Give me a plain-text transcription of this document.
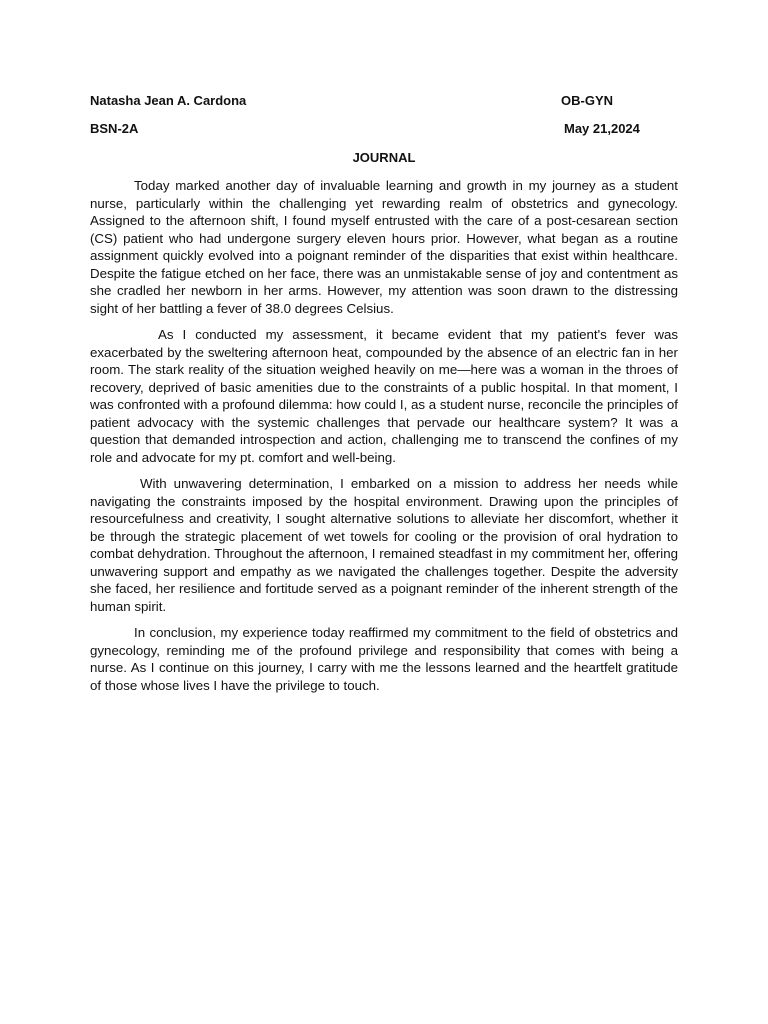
Natasha Jean A. Cardona	OB-GYN
BSN-2A	May 21,2024
JOURNAL

Today marked another day of invaluable learning and growth in my journey as a student nurse, particularly within the challenging yet rewarding realm of obstetrics and gynecology. Assigned to the afternoon shift, I found myself entrusted with the care of a post-cesarean section (CS) patient who had undergone surgery eleven hours prior. However, what began as a routine assignment quickly evolved into a poignant reminder of the disparities that exist within healthcare. Despite the fatigue etched on her face, there was an unmistakable sense of joy and contentment as she cradled her newborn in her arms. However, my attention was soon drawn to the distressing sight of her battling a fever of 38.0 degrees Celsius.

As I conducted my assessment, it became evident that my patient's fever was exacerbated by the sweltering afternoon heat, compounded by the absence of an electric fan in her room. The stark reality of the situation weighed heavily on me—here was a woman in the throes of recovery, deprived of basic amenities due to the constraints of a public hospital. In that moment, I was confronted with a profound dilemma: how could I, as a student nurse, reconcile the principles of patient advocacy with the systemic challenges that pervade our healthcare system? It was a question that demanded introspection and action, challenging me to transcend the confines of my role and advocate for my pt. comfort and well-being.

With unwavering determination, I embarked on a mission to address her needs while navigating the constraints imposed by the hospital environment. Drawing upon the principles of resourcefulness and creativity, I sought alternative solutions to alleviate her discomfort, whether it be through the strategic placement of wet towels for cooling or the provision of oral hydration to combat dehydration. Throughout the afternoon, I remained steadfast in my commitment her, offering unwavering support and empathy as we navigated the challenges together. Despite the adversity she faced, her resilience and fortitude served as a poignant reminder of the inherent strength of the human spirit.

In conclusion, my experience today reaffirmed my commitment to the field of obstetrics and gynecology, reminding me of the profound privilege and responsibility that comes with being a nurse. As I continue on this journey, I carry with me the lessons learned and the heartfelt gratitude of those whose lives I have the privilege to touch.
